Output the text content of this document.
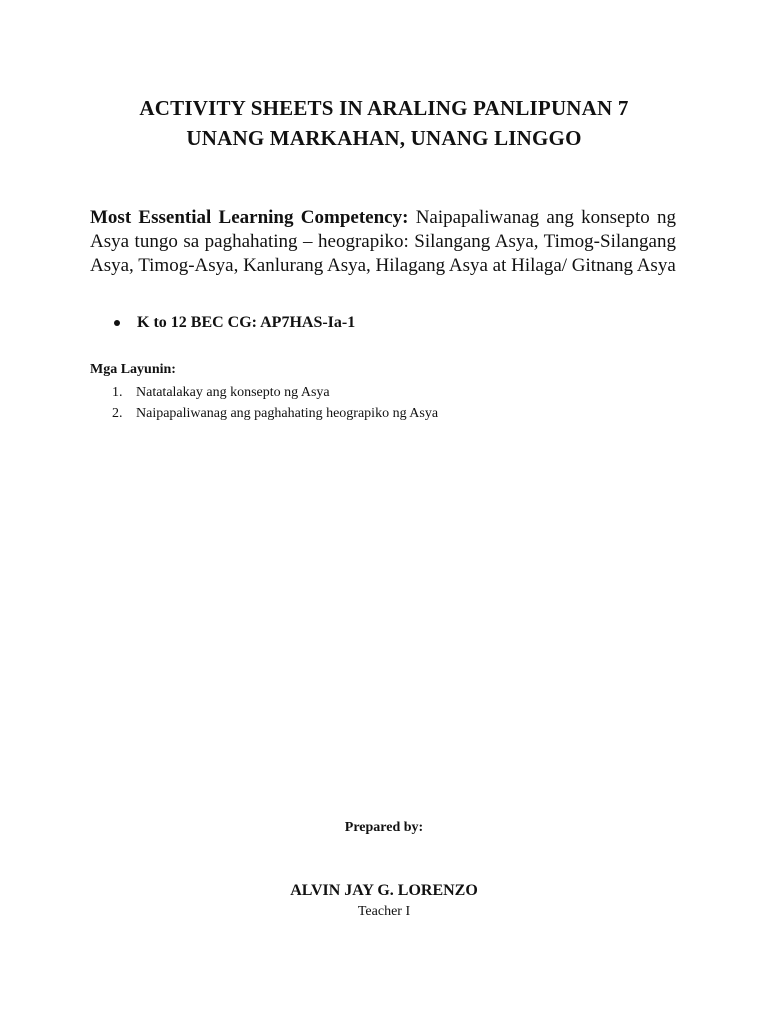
ACTIVITY SHEETS IN ARALING PANLIPUNAN 7
UNANG MARKAHAN, UNANG LINGGO
Most Essential Learning Competency: Naipapaliwanag ang konsepto ng Asya tungo sa paghahating – heograpiko: Silangang Asya, Timog-Silangang Asya, Timog-Asya, Kanlurang Asya, Hilagang Asya at Hilaga/ Gitnang Asya
K to 12 BEC CG: AP7HAS-Ia-1
Mga Layunin:
1. Natatalakay ang konsepto ng Asya
2. Naipapaliwanag ang paghahating heograpiko ng Asya
Prepared by:
ALVIN JAY G. LORENZO
Teacher I
